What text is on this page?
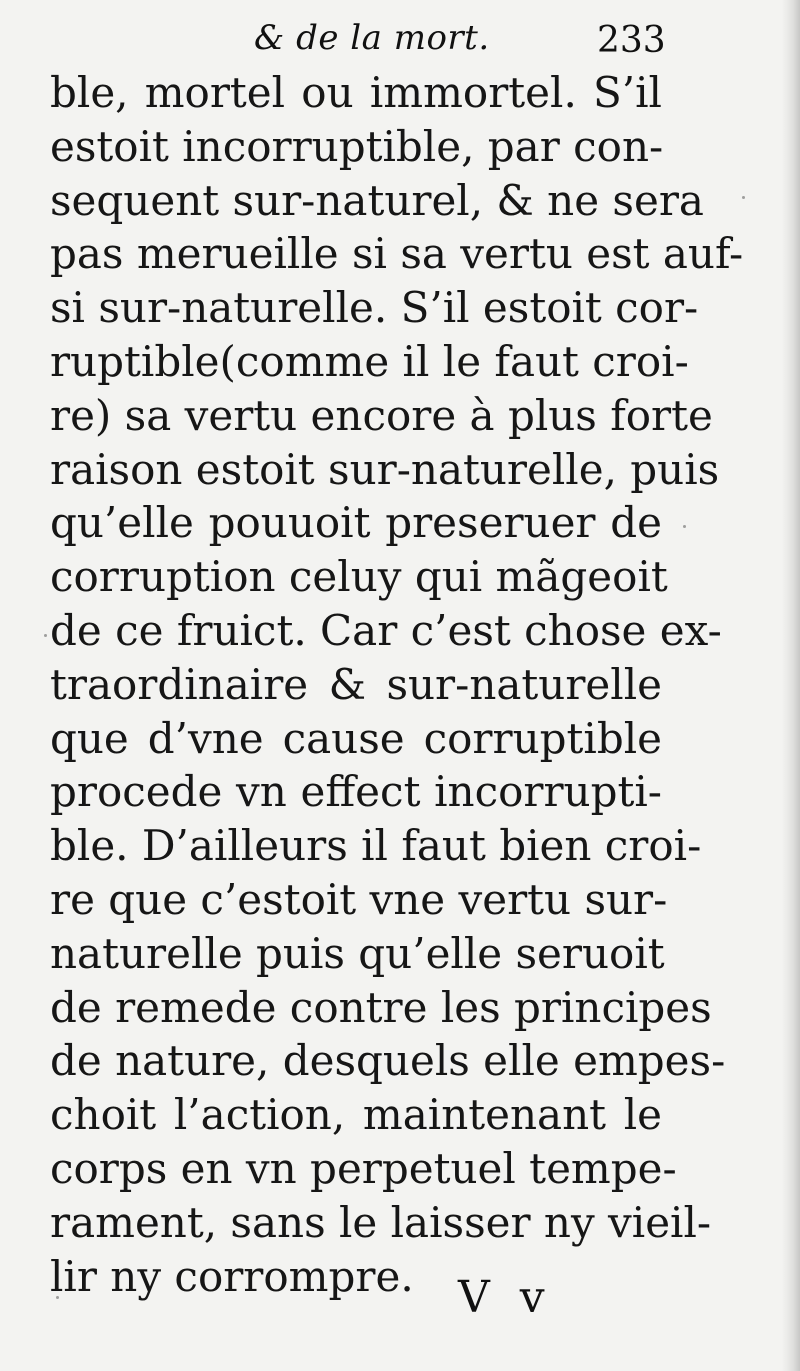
& de la mort.	233
ble, mortel ou immortel. S’il
estoit incorruptible, par con-
sequent sur-naturel, & ne sera
pas merueille si sa vertu est auf-
si sur-naturelle. S’il estoit cor-
ruptible(comme il le faut croi-
re) sa vertu encore à plus forte
raison estoit sur-naturelle, puis
qu’elle pouuoit preseruer de
corruption celuy qui mãgeoit
de ce fruict. Car c’est chose ex-
traordinaire & sur-naturelle
que d’vne cause corruptible
procede vn effect incorrupti-
ble. D’ailleurs il faut bien croi-
re que c’estoit vne vertu sur-
naturelle puis qu’elle seruoit
de remede contre les principes
de nature, desquels elle empes-
choit l’action, maintenant le
corps en vn perpetuel tempe-
rament, sans le laisser ny vieil-
lir ny corrompre.	V v
